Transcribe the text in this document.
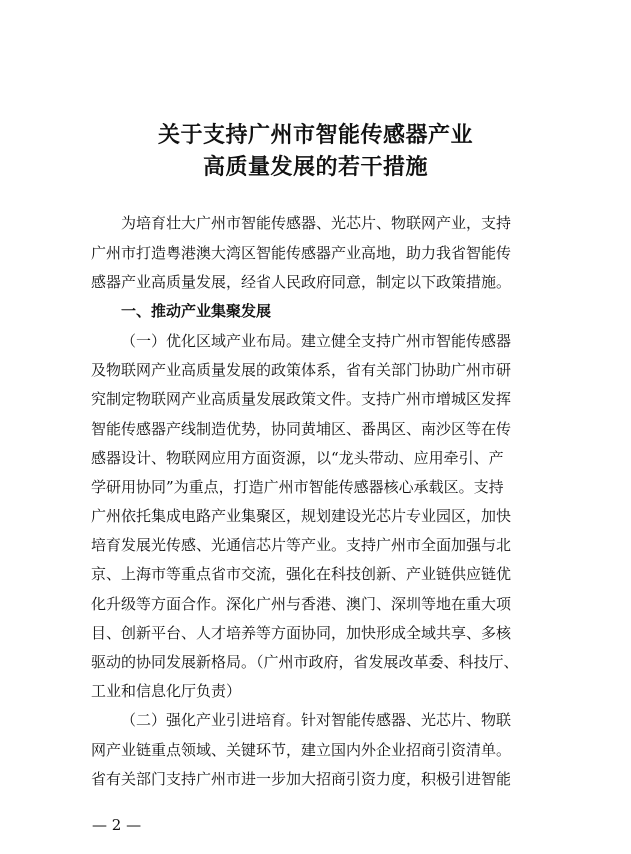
关于支持广州市智能传感器产业
高质量发展的若干措施
为培育壮大广州市智能传感器、光芯片、物联网产业，支持
广州市打造粤港澳大湾区智能传感器产业高地，助力我省智能传
感器产业高质量发展，经省人民政府同意，制定以下政策措施。
一、推动产业集聚发展
（一）优化区域产业布局。建立健全支持广州市智能传感器
及物联网产业高质量发展的政策体系，省有关部门协助广州市研
究制定物联网产业高质量发展政策文件。支持广州市增城区发挥
智能传感器产线制造优势，协同黄埔区、番禺区、南沙区等在传
感器设计、物联网应用方面资源，以“龙头带动、应用牵引、产
学研用协同”为重点，打造广州市智能传感器核心承载区。支持
广州依托集成电路产业集聚区，规划建设光芯片专业园区，加快
培育发展光传感、光通信芯片等产业。支持广州市全面加强与北
京、上海市等重点省市交流，强化在科技创新、产业链供应链优
化升级等方面合作。深化广州与香港、澳门、深圳等地在重大项
目、创新平台、人才培养等方面协同，加快形成全域共享、多核
驱动的协同发展新格局。（广州市政府，省发展改革委、科技厅、
工业和信息化厅负责）
（二）强化产业引进培育。针对智能传感器、光芯片、物联
网产业链重点领域、关键环节，建立国内外企业招商引资清单。
省有关部门支持广州市进一步加大招商引资力度，积极引进智能
— 2 —
